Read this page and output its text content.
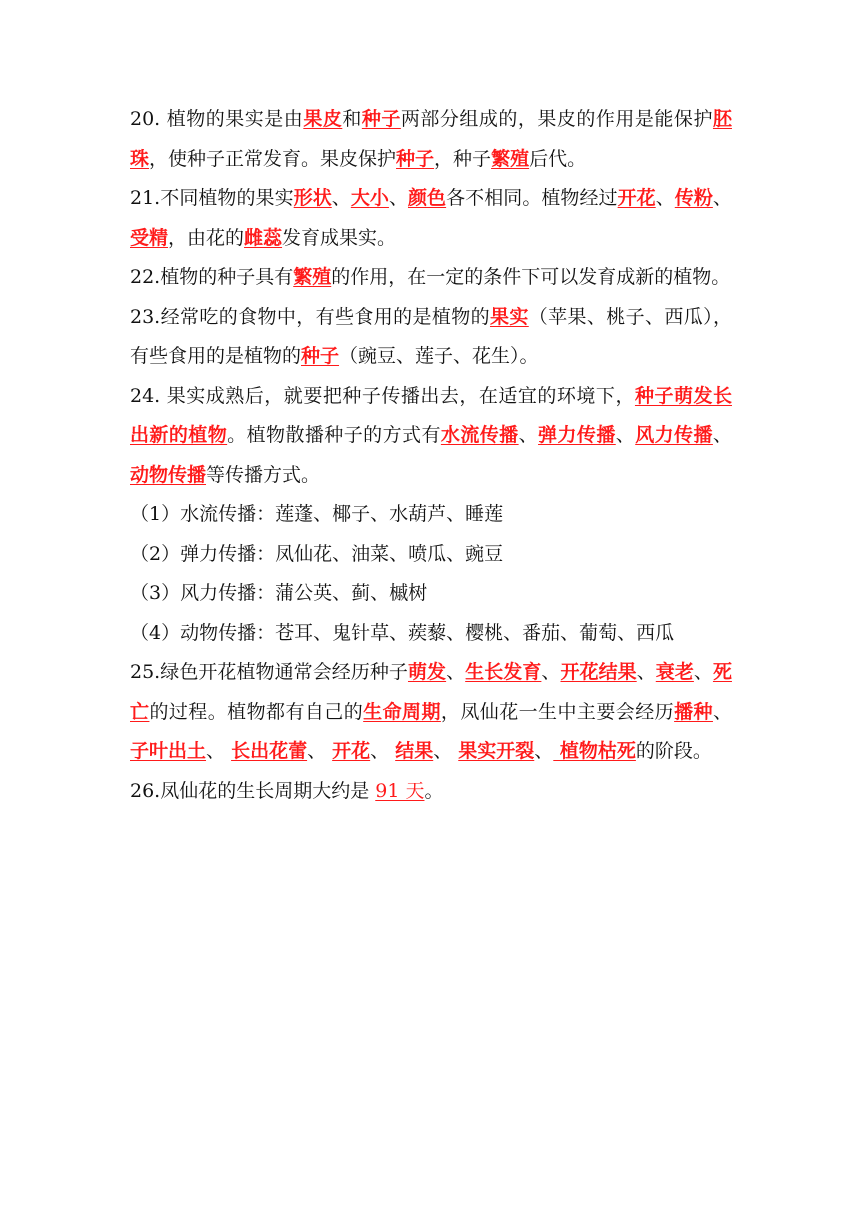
20. 植物的果实是由果皮和种子两部分组成的，果皮的作用是能保护胚珠，使种子正常发育。果皮保护种子，种子繁殖后代。

21.不同植物的果实形状、大小、颜色各不相同。植物经过开花、传粉、受精，由花的雌蕊发育成果实。

22.植物的种子具有繁殖的作用，在一定的条件下可以发育成新的植物。

23.经常吃的食物中，有些食用的是植物的果实（苹果、桃子、西瓜），有些食用的是植物的种子（豌豆、莲子、花生）。

24. 果实成熟后，就要把种子传播出去，在适宜的环境下，种子萌发长出新的植物。植物散播种子的方式有水流传播、弹力传播、风力传播、动物传播等传播方式。

（1）水流传播：莲蓬、椰子、水葫芦、睡莲

（2）弹力传播：凤仙花、油菜、喷瓜、豌豆

（3）风力传播：蒲公英、蓟、槭树

（4）动物传播：苍耳、鬼针草、蒺藜、樱桃、番茄、葡萄、西瓜

25.绿色开花植物通常会经历种子萌发、生长发育、开花结果、衰老、死亡的过程。植物都有自己的生命周期，凤仙花一生中主要会经历播种、子叶出土、 长出花蕾、 开花、 结果、 果实开裂、 植物枯死的阶段。

26.凤仙花的生长周期大约是 91 天。
